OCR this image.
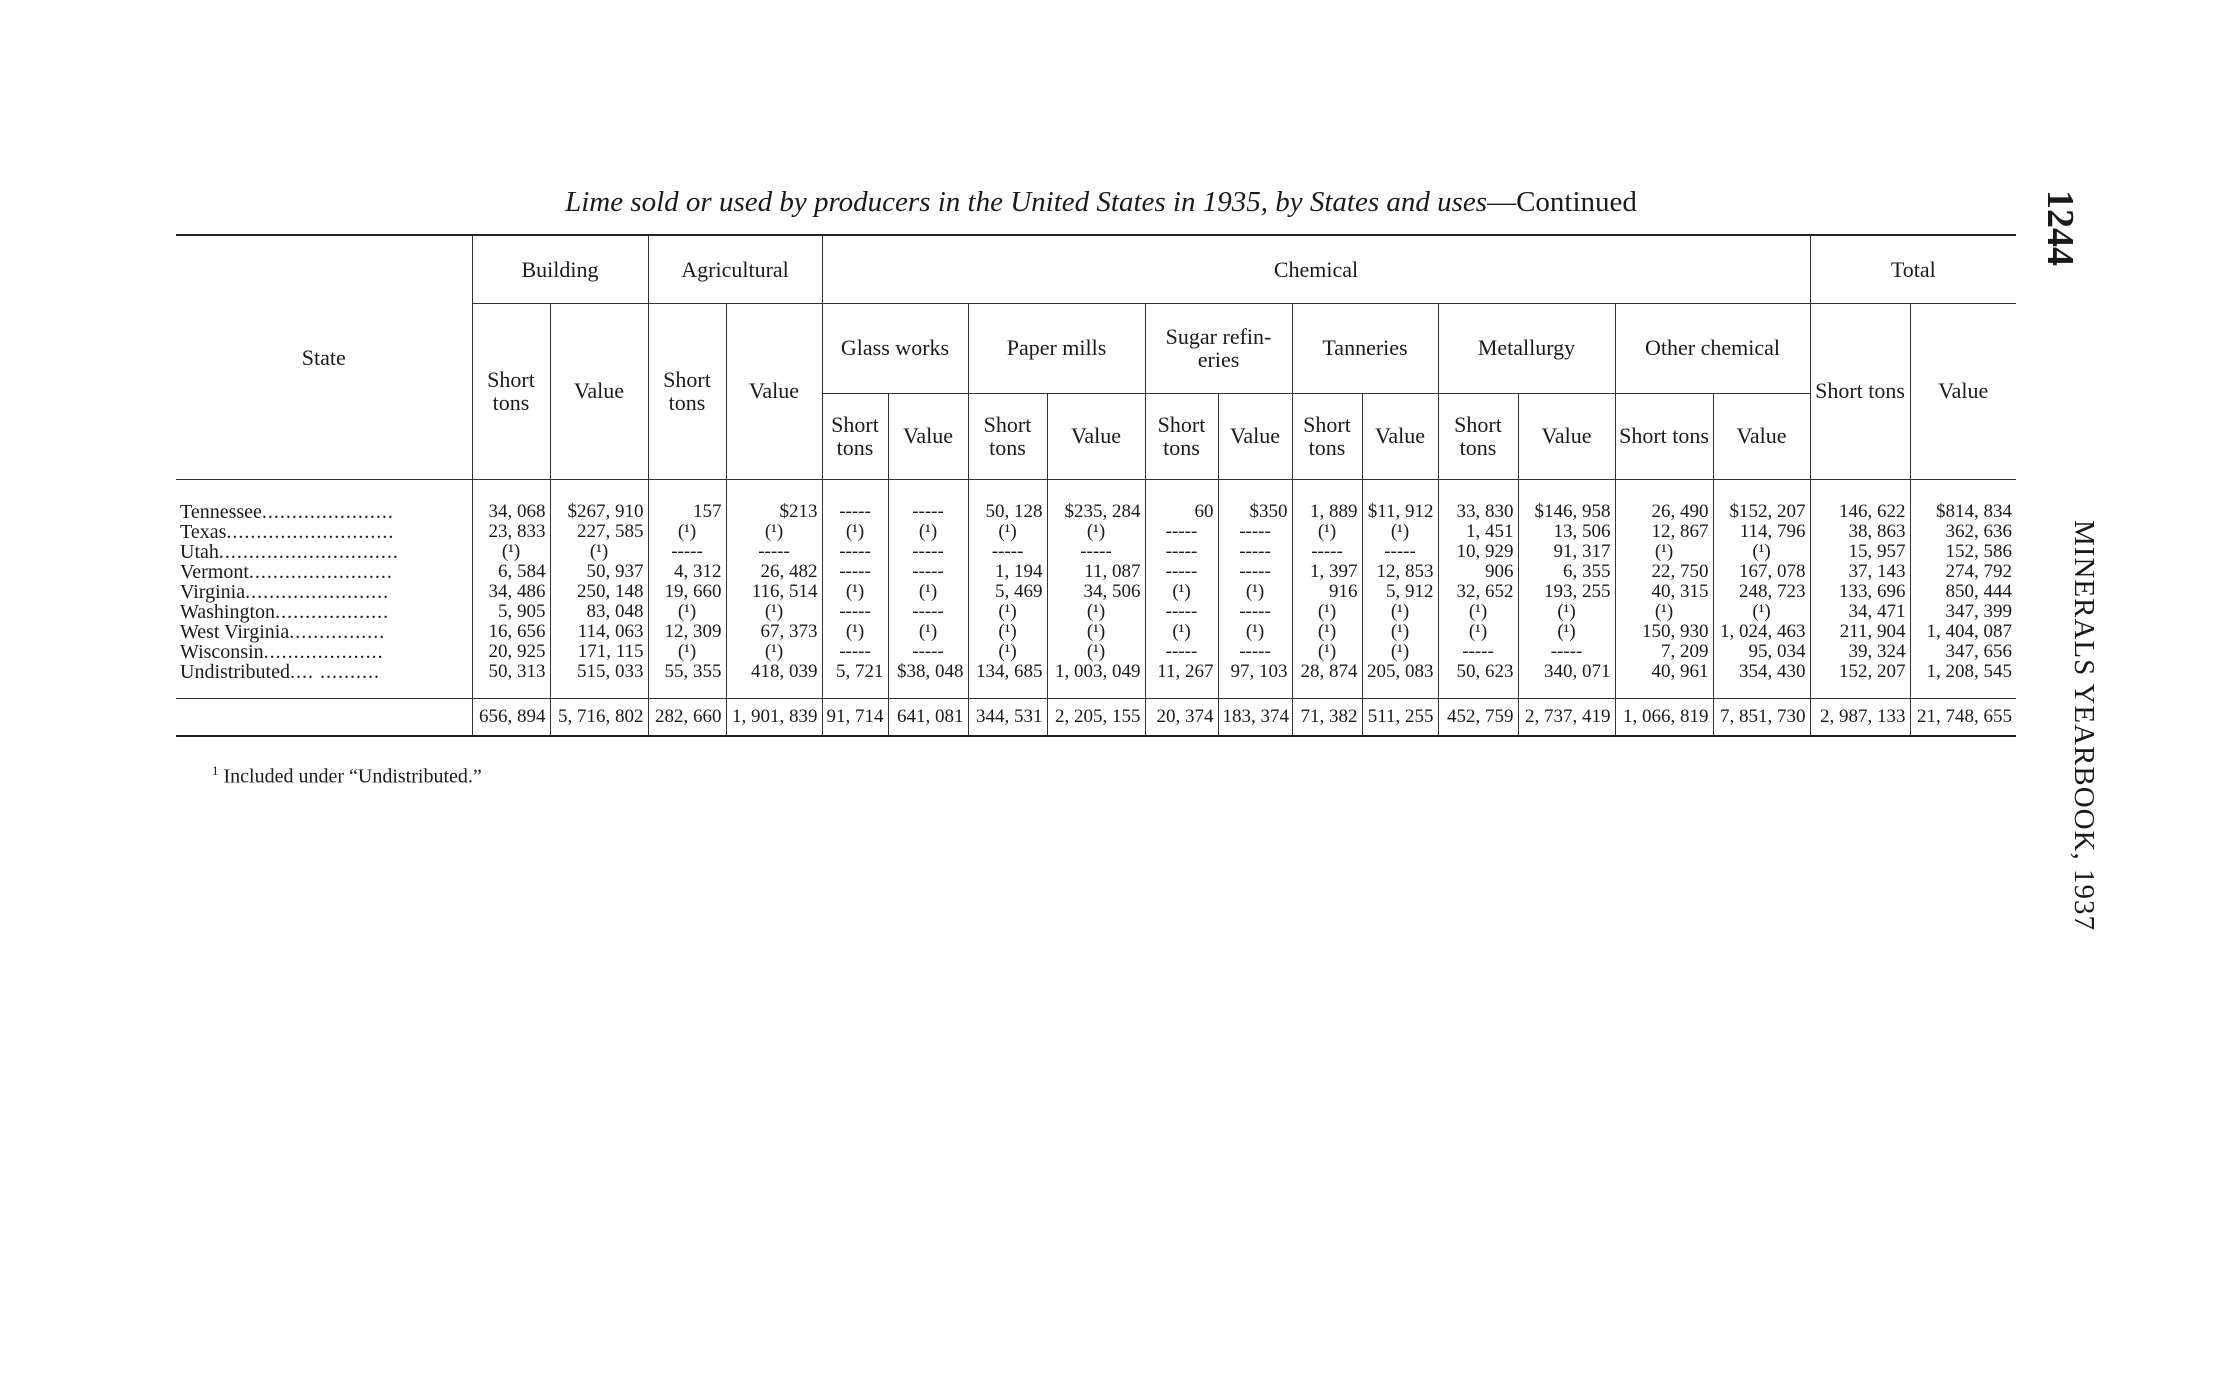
Lime sold or used by producers in the United States in 1935, by States and uses—Continued	1244
MINERALS YEARBOOK, 1937
State	Building		Agricultural		Chemical												Total	
	Short tons	Value	Short tons	Value	Glass works		Paper mills		Sugar refin-eries		Tanneries		Metallurgy		Other chemical		Short tons	Value
					Short tons	Value	Short tons	Value	Short tons	Value	Short tons	Value	Short tons	Value	Short tons	Value		
Tennessee......................	34, 068	$267, 910	157	$213	-----	-----	50, 128	$235, 284	60	$350	1, 889	$11, 912	33, 830	$146, 958	26, 490	$152, 207	146, 622	$814, 834
Texas............................	23, 833	227, 585	(¹)	(¹)	(¹)	(¹)	(¹)	(¹)	-----	-----	(¹)	(¹)	1, 451	13, 506	12, 867	114, 796	38, 863	362, 636
Utah..............................	(¹)	(¹)	-----	-----	-----	-----	-----	-----	-----	-----	-----	-----	10, 929	91, 317	(¹)	(¹)	15, 957	152, 586
Vermont........................	6, 584	50, 937	4, 312	26, 482	-----	-----	1, 194	11, 087	-----	-----	1, 397	12, 853	906	6, 355	22, 750	167, 078	37, 143	274, 792
Virginia........................	34, 486	250, 148	19, 660	116, 514	(¹)	(¹)	5, 469	34, 506	(¹)	(¹)	916	5, 912	32, 652	193, 255	40, 315	248, 723	133, 696	850, 444
Washington...................	5, 905	83, 048	(¹)	(¹)	-----	-----	(¹)	(¹)	-----	-----	(¹)	(¹)	(¹)	(¹)	(¹)	(¹)	34, 471	347, 399
West Virginia................	16, 656	114, 063	12, 309	67, 373	(¹)	(¹)	(¹)	(¹)	(¹)	(¹)	(¹)	(¹)	(¹)	(¹)	150, 930	1, 024, 463	211, 904	1, 404, 087
Wisconsin....................	20, 925	171, 115	(¹)	(¹)	-----	-----	(¹)	(¹)	-----	-----	(¹)	(¹)	-----	-----	7, 209	95, 034	39, 324	347, 656
Undistributed.... ..........	50, 313	515, 033	55, 355	418, 039	5, 721	$38, 048	134, 685	1, 003, 049	11, 267	97, 103	28, 874	205, 083	50, 623	340, 071	40, 961	354, 430	152, 207	1, 208, 545
	656, 894	5, 716, 802	282, 660	1, 901, 839	91, 714	641, 081	344, 531	2, 205, 155	20, 374	183, 374	71, 382	511, 255	452, 759	2, 737, 419	1, 066, 819	7, 851, 730	2, 987, 133	21, 748, 655
$^1$ Included under “Undistributed.”
